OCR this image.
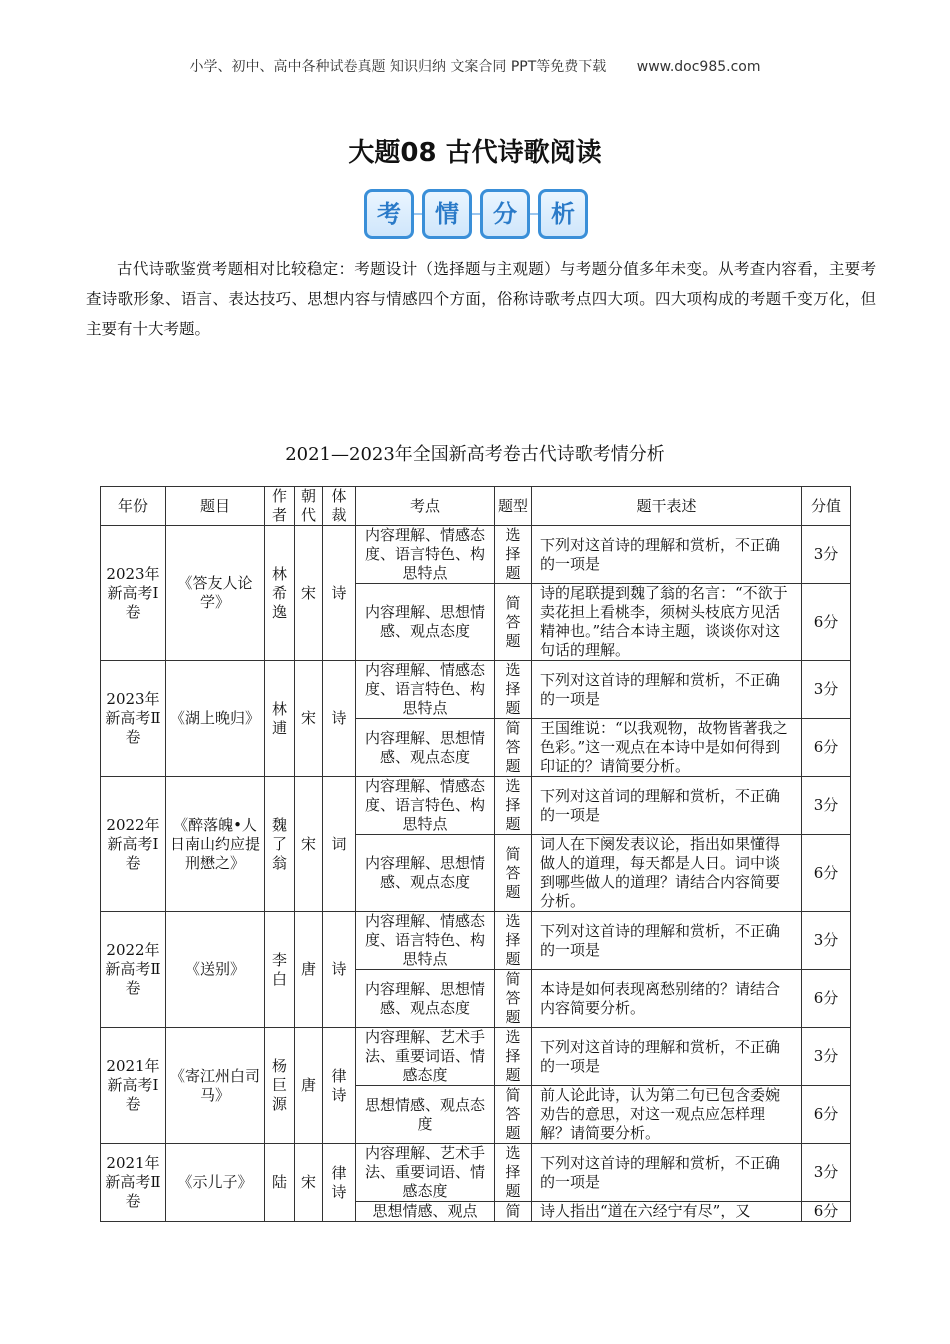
小学、初中、高中各种试卷真题 知识归纳 文案合同 PPT等免费下载 www.doc985.com
大题08 古代诗歌阅读
考	情	分	析
古代诗歌鉴赏考题相对比较稳定：考题设计（选择题与主观题）与考题分值多年未变。从考查内容看，主要考查诗歌形象、语言、表达技巧、思想内容与情感四个方面，俗称诗歌考点四大项。四大项构成的考题千变万化，但主要有十大考题。
2021—2023年全国新高考卷古代诗歌考情分析
年份	题目	作者	朝代	体裁	考点	题型	题干表述	分值
2023年新高考Ⅰ卷	《答友人论学》	林希逸	宋	诗	内容理解、情感态度、语言特色、构思特点	选择题	下列对这首诗的理解和赏析，不正确的一项是	3分
					内容理解、思想情感、观点态度	简答题	诗的尾联提到魏了翁的名言：“不欲于卖花担上看桃李，须树头枝底方见活精神也。”结合本诗主题，谈谈你对这句话的理解。	6分
2023年新高考Ⅱ卷	《湖上晚归》	林逋	宋	诗	内容理解、情感态度、语言特色、构思特点	选择题	下列对这首诗的理解和赏析，不正确的一项是	3分
					内容理解、思想情感、观点态度	简答题	王国维说：“以我观物，故物皆著我之色彩。”这一观点在本诗中是如何得到印证的？请简要分析。	6分
2022年新高考Ⅰ卷	《醉落魄•人日南山约应提刑懋之》	魏了翁	宋	词	内容理解、情感态度、语言特色、构思特点	选择题	下列对这首词的理解和赏析，不正确的一项是	3分
					内容理解、思想情感、观点态度	简答题	词人在下阕发表议论，指出如果懂得做人的道理，每天都是人日。词中谈到哪些做人的道理？请结合内容简要分析。	6分
2022年新高考Ⅱ卷	《送别》	李白	唐	诗	内容理解、情感态度、语言特色、构思特点	选择题	下列对这首诗的理解和赏析，不正确的一项是	3分
					内容理解、思想情感、观点态度	简答题	本诗是如何表现离愁别绪的？请结合内容简要分析。	6分
2021年新高考Ⅰ卷	《寄江州白司马》	杨巨源	唐	律诗	内容理解、艺术手法、重要词语、情感态度	选择题	下列对这首诗的理解和赏析，不正确的一项是	3分
					思想情感、观点态度	简答题	前人论此诗，认为第二句已包含委婉劝告的意思，对这一观点应怎样理解？请简要分析。	6分
2021年新高考Ⅱ卷	《示儿子》	陆	宋	律诗	内容理解、艺术手法、重要词语、情感态度	选择题	下列对这首诗的理解和赏析，不正确的一项是	3分
					思想情感、观点	简	诗人指出“道在六经宁有尽”，又	6分
